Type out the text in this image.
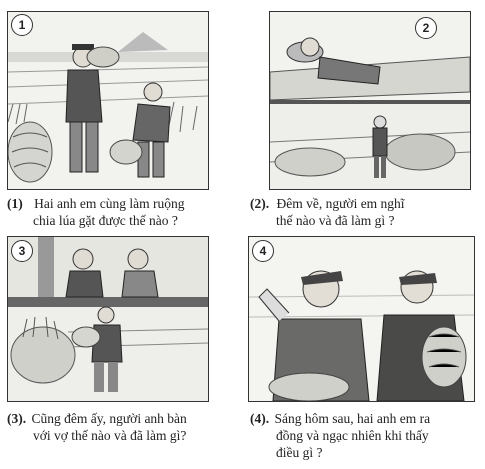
1	2
3	4
(1) Hai anh em cùng làm ruộng
chia lúa gặt được thế nào ?
(2). Đêm về, người em nghĩ
thế nào và đã làm gì ?
(3). Cũng đêm ấy, người anh bàn
với vợ thế nào và đã làm gì?
(4). Sáng hôm sau, hai anh em ra
đồng và ngạc nhiên khi thấy
điều gì ?
